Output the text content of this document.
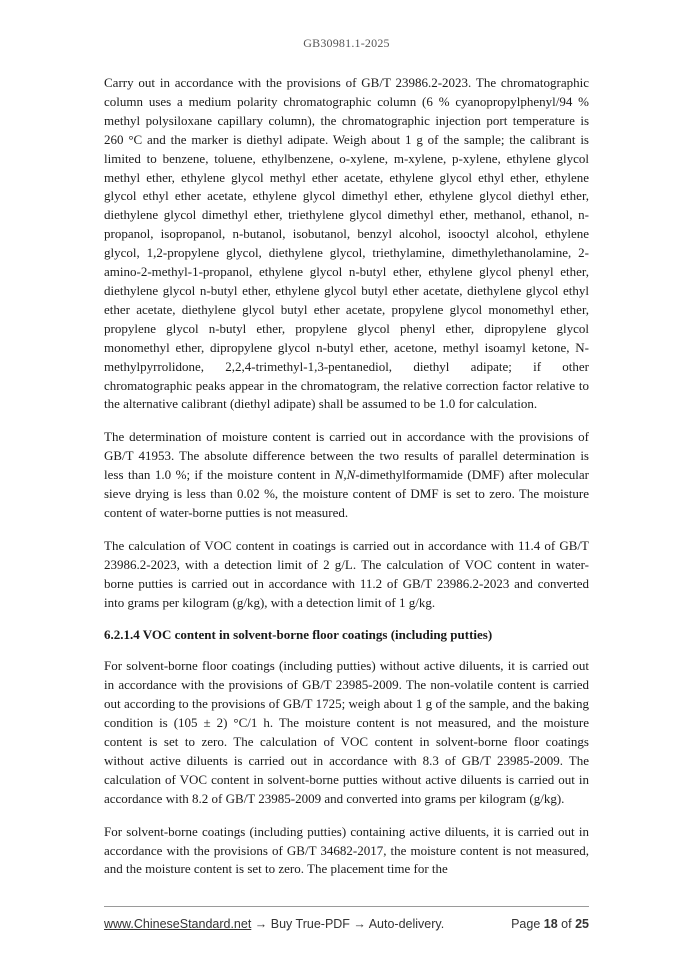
GB30981.1-2025

Carry out in accordance with the provisions of GB/T 23986.2-2023. The chromatographic column uses a medium polarity chromatographic column (6 % cyanopropylphenyl/94 % methyl polysiloxane capillary column), the chromatographic injection port temperature is 260 °C and the marker is diethyl adipate. Weigh about 1 g of the sample; the calibrant is limited to benzene, toluene, ethylbenzene, o-xylene, m-xylene, p-xylene, ethylene glycol methyl ether, ethylene glycol methyl ether acetate, ethylene glycol ethyl ether, ethylene glycol ethyl ether acetate, ethylene glycol dimethyl ether, ethylene glycol diethyl ether, diethylene glycol dimethyl ether, triethylene glycol dimethyl ether, methanol, ethanol, n-propanol, isopropanol, n-butanol, isobutanol, benzyl alcohol, isooctyl alcohol, ethylene glycol, 1,2-propylene glycol, diethylene glycol, triethylamine, dimethylethanolamine, 2-amino-2-methyl-1-propanol, ethylene glycol n-butyl ether, ethylene glycol phenyl ether, diethylene glycol n-butyl ether, ethylene glycol butyl ether acetate, diethylene glycol ethyl ether acetate, diethylene glycol butyl ether acetate, propylene glycol monomethyl ether, propylene glycol n-butyl ether, propylene glycol phenyl ether, dipropylene glycol monomethyl ether, dipropylene glycol n-butyl ether, acetone, methyl isoamyl ketone, N-methylpyrrolidone, 2,2,4-trimethyl-1,3-pentanediol, diethyl adipate; if other chromatographic peaks appear in the chromatogram, the relative correction factor relative to the alternative calibrant (diethyl adipate) shall be assumed to be 1.0 for calculation.

The determination of moisture content is carried out in accordance with the provisions of GB/T 41953. The absolute difference between the two results of parallel determination is less than 1.0 %; if the moisture content in N,N-dimethylformamide (DMF) after molecular sieve drying is less than 0.02 %, the moisture content of DMF is set to zero. The moisture content of water-borne putties is not measured.

The calculation of VOC content in coatings is carried out in accordance with 11.4 of GB/T 23986.2-2023, with a detection limit of 2 g/L. The calculation of VOC content in water-borne putties is carried out in accordance with 11.2 of GB/T 23986.2-2023 and converted into grams per kilogram (g/kg), with a detection limit of 1 g/kg.

6.2.1.4 VOC content in solvent-borne floor coatings (including putties)

For solvent-borne floor coatings (including putties) without active diluents, it is carried out in accordance with the provisions of GB/T 23985-2009. The non-volatile content is carried out according to the provisions of GB/T 1725; weigh about 1 g of the sample, and the baking condition is (105 ± 2) °C/1 h. The moisture content is not measured, and the moisture content is set to zero. The calculation of VOC content in solvent-borne floor coatings without active diluents is carried out in accordance with 8.3 of GB/T 23985-2009. The calculation of VOC content in solvent-borne putties without active diluents is carried out in accordance with 8.2 of GB/T 23985-2009 and converted into grams per kilogram (g/kg).

For solvent-borne coatings (including putties) containing active diluents, it is carried out in accordance with the provisions of GB/T 34682-2017, the moisture content is not measured, and the moisture content is set to zero. The placement time for the

www.ChineseStandard.net → Buy True-PDF → Auto-delivery.	Page 18 of 25
